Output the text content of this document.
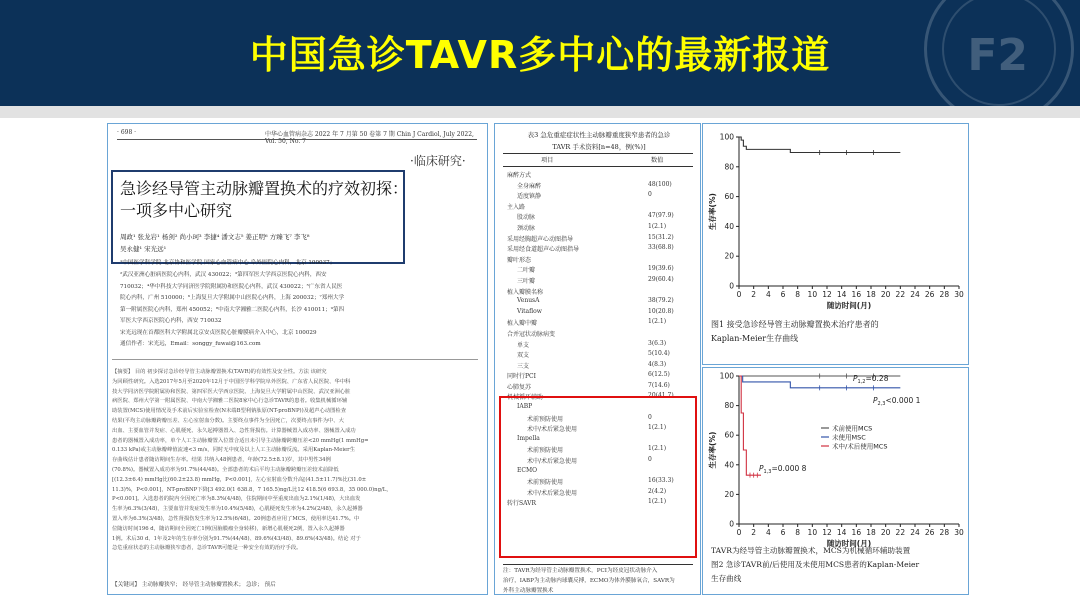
F2
中国急诊TAVR多中心的最新报道
· 698 ·	中华心血管病杂志 2022 年 7 月第 50 卷第 7 期 Chin J Cardiol, July 2022, Vol. 50, No. 7
·临床研究·
急诊经导管主动脉瓣置换术的疗效初探：
一项多中心研究
周政¹ 张龙岩¹ 杨剑² 尚小珂³ 李捷⁴ 潘文志⁵ 姜正明⁶ 方臻飞⁷ 李飞⁸
吴永健¹ 宋光远¹
¹中国医学科学院 北京协和医学院 国家心血管病中心 阜外医院心内科，北京 100037；
²武汉亚洲心脏病医院心内科，武汉 430022；³第四军医大学西京医院心内科，西安
710032；⁴华中科技大学同济医学院附属协和医院心内科，武汉 430022；⁵广东省人民医
院心内科，广州 510000；⁶上海复旦大学附属中山医院心内科，上海 200032；⁷郑州大学
第一附属医院心内科，郑州 450052；⁸中南大学湘雅二医院心内科，长沙 410011；⁹第四
军医大学西京医院心内科，西安 710032
宋光远现在首都医科大学附属北京安贞医院心脏瓣膜病介入中心，北京 100029
通信作者：宋光远，Email：songgy_fuwai@163.com
【摘要】 目的 初步探讨急诊经导管主动脉瓣置换术(TAVR)的有效性及安全性。方法 该研究
为回顾性研究。入选2017年5月至2020年12月于中国医学科学院阜外医院、广东省人民医院、华中科
技大学同济医学院附属协和医院、第四军医大学西京医院、上海复旦大学附属中山医院、武汉亚洲心脏
病医院、郑州大学第一附属医院、中南大学湘雅二医院8家中心行急诊TAVR的患者。收集机械循环辅
助装置(MCS)使用情况及手术前后实验室检查(N末端B型利钠肽原(NT-proBNP))及超声心动图检查
结果(平均主动脉瓣跨瓣压差、左心室射血分数)。主要终点事件为全因死亡，次要终点事件为中、大
出血、主要血管并发症、心肌梗死、永久起搏器置入、急性肾损伤。计算器械置入成功率、器械置入成功
患者的器械置入成功率，单个人工主动脉瓣置入位置合适且未引导主动脉瓣跨瓣压差<20 mmHg(1 mmHg=
0.133 kPa)或主动脉瓣峰值流速<3 m/s，同时无中度及以上人工主动脉瓣反流。采用Kaplan-Meier生
存曲线估计患者随访期间生存率。结果 共纳入48例患者，年龄(72.5±8.1)岁，其中男性34例
(70.8%)。器械置入成功率为91.7%(44/48)。全部患者的术后平均主动脉瓣跨瓣压差较术前降低
[(12.3±6.4) mmHg比(60.2±23.8) mmHg，P<0.001]，左心室射血分数升高[(41.5±11.7)%比(31.0±
11.3)%，P<0.001]，NT-proBNP下降[3 492.0(1 638.8，7 165.5)ng/L比12 418.5(6 693.8，35 000.0)ng/L，
P<0.001]。入选患者的院内全因死亡率为8.3%(4/48)，住院期间中至重度出血为2.1%(1/48)，大出血发
生率为6.3%(3/48)，主要血管并发症发生率为10.4%(5/48)，心肌梗死发生率为4.2%(2/48)，永久起搏器
置入率为6.3%(3/48)，急性肾损伤发生率为12.5%(6/48)。20例患者应用了MCS，使用率达41.7%。中
位随访时间196 d，随访期间全因死亡1例(因脑膜瘤全身转移)，新增心肌梗死2例，置入永久起搏器
1例。术后30 d、1年及2年的生存率分别为91.7%(44/48)、89.6%(43/48)、89.6%(43/48)。结论 对于
急危重症状态的主动脉瓣狭窄患者，急诊TAVR可能是一种安全有效的治疗手段。
【关键词】 主动脉瓣狭窄； 经导管主动脉瓣置换术； 急诊； 预后
表3 急危重症症状性主动脉瓣重度狭窄患者的急诊
TAVR 手术资料[n=48，例(%)]
项目	数值
麻醉方式
全身麻醉	48(100)
适度镇静	0
主入路
股动脉	47(97.9)
颈动脉	1(2.1)
采用经胸超声心动图指导	15(31.2)
采用经食道超声心动图指导	33(68.8)
瓣叶形态
二叶瓣	19(39.6)
三叶瓣	29(60.4)
植入瓣膜名称
VenusA	38(79.2)
Vitaflow	10(20.8)
植入瓣中瓣	1(2.1)
合并冠状动脉病变
单支	3(6.3)
双支	5(10.4)
三支	4(8.3)
同时行PCI	6(12.5)
心肺复苏	7(14.6)
机械循环辅助	20(41.7)
IABP
术前预防使用	0
术中/术后紧急使用	1(2.1)
Impella
术前预防使用	1(2.1)
术中/术后紧急使用	0
ECMO
术前预防使用	16(33.3)
术中/术后紧急使用	2(4.2)
转行SAVR	1(2.1)
注：TAVR为经导管主动脉瓣置换术，PCI为经皮冠状动脉介入
治疗，IABP为主动脉内球囊反搏，ECMO为体外膜肺氧合，SAVR为
外科主动脉瓣置换术
0 2 4 6 8 10 12 14 16 18 20 22 24 26 28 30
0
20
40
60
80
100
随访时间(月)
生存率(%)
图1 接受急诊经导管主动脉瓣置换术治疗患者的
Kaplan-Meier生存曲线
0 2 4 6 8 10 12 14 16 18 20 22 24 26 28 30
0
20
40
60
80
100
随访时间(月)
生存率(%)
术前使用MCS
未使用MSC
术中/术后使用MCS
$P_{1,2}=0.28$
$P_{2,3}<0.000$ 1
$P_{1,3}=0.000$ 8
TAVR为经导管主动脉瓣置换术，MCS为机械循环辅助装置
图2 急诊TAVR前/后使用及未使用MCS患者的Kaplan-Meier
生存曲线
